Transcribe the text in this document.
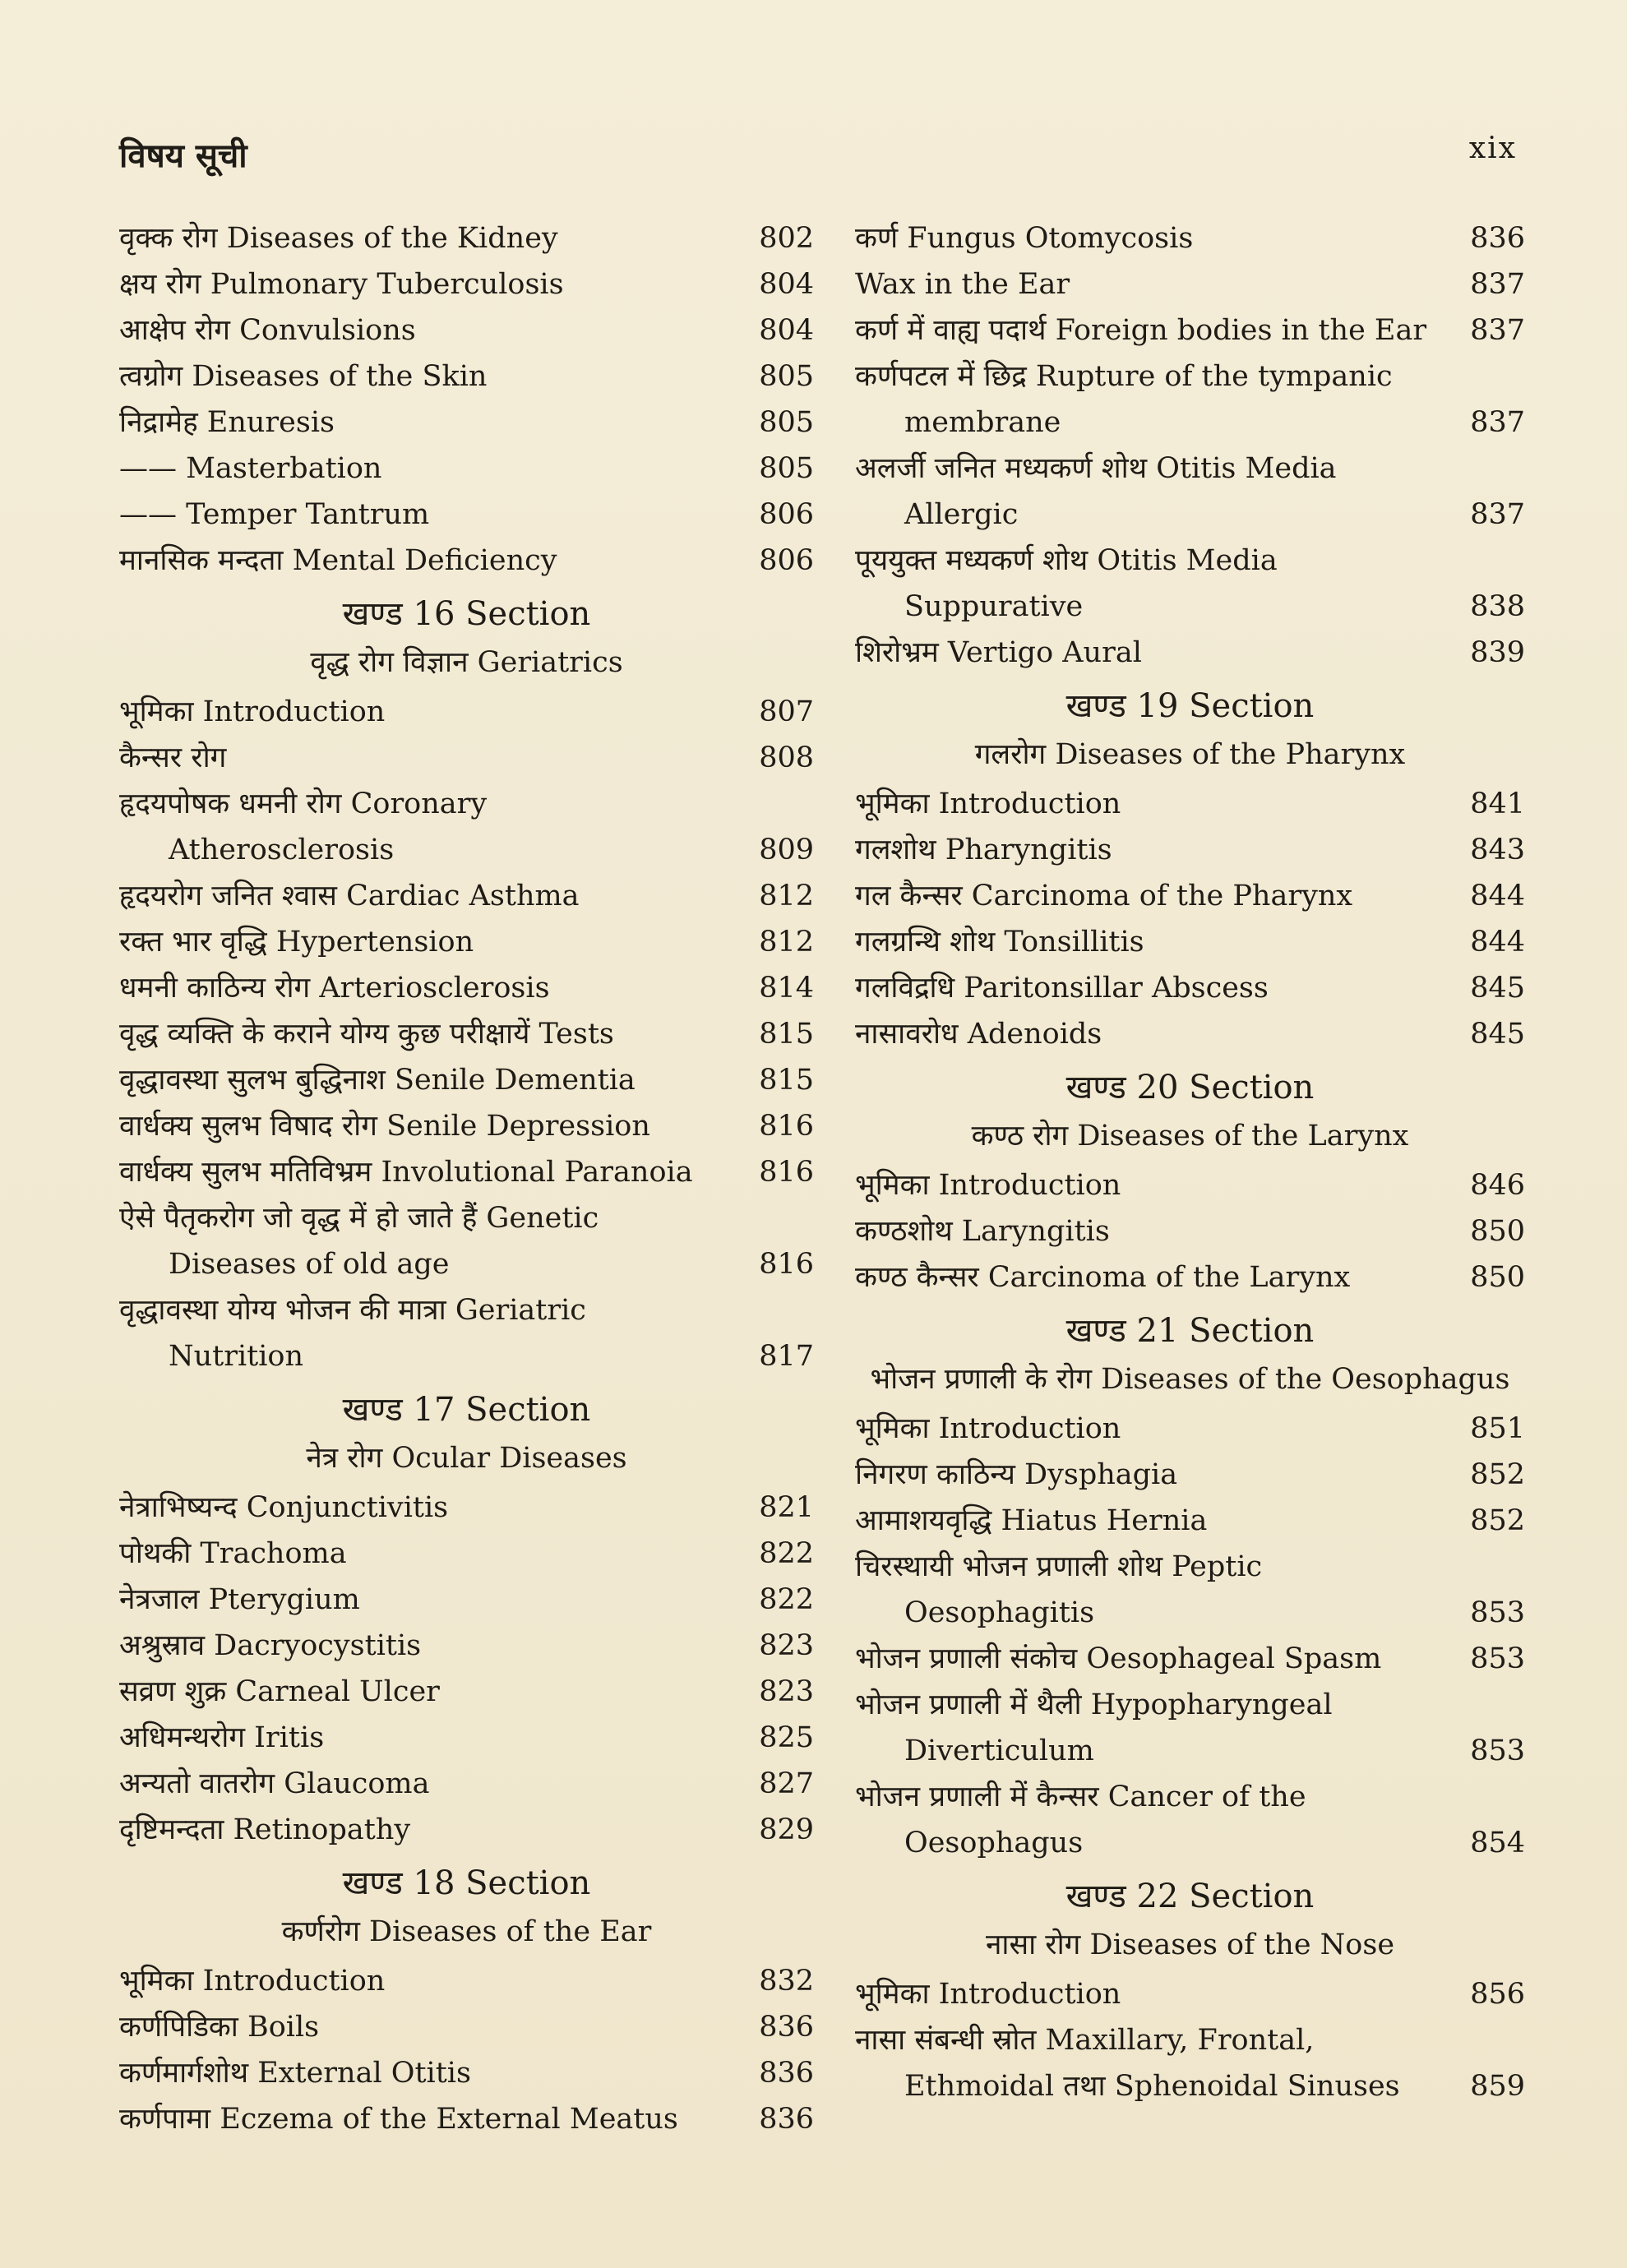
विषय सूची	xix
वृक्क रोग Diseases of the Kidney	802
क्षय रोग Pulmonary Tuberculosis	804
आक्षेप रोग Convulsions	804
त्वग्रोग Diseases of the Skin	805
निद्रामेह Enuresis	805
—— Masterbation	805
—— Temper Tantrum	806
मानसिक मन्दता Mental Deficiency	806
खण्ड 16 Section
वृद्ध रोग विज्ञान Geriatrics
भूमिका Introduction	807
कैन्सर रोग	808
हृदयपोषक धमनी रोग Coronary
Atherosclerosis	809
हृदयरोग जनित श्वास Cardiac Asthma	812
रक्त भार वृद्धि Hypertension	812
धमनी काठिन्य रोग Arteriosclerosis	814
वृद्ध व्यक्ति के कराने योग्य कुछ परीक्षायें Tests	815
वृद्धावस्था सुलभ बुद्धिनाश Senile Dementia	815
वार्धक्य सुलभ विषाद रोग Senile Depression	816
वार्धक्य सुलभ मतिविभ्रम Involutional Paranoia	816
ऐसे पैतृकरोग जो वृद्ध में हो जाते हैं Genetic
Diseases of old age	816
वृद्धावस्था योग्य भोजन की मात्रा Geriatric
Nutrition	817
खण्ड 17 Section
नेत्र रोग Ocular Diseases
नेत्राभिष्यन्द Conjunctivitis	821
पोथकी Trachoma	822
नेत्रजाल Pterygium	822
अश्रुस्राव Dacryocystitis	823
सव्रण शुक्र Carneal Ulcer	823
अधिमन्थरोग Iritis	825
अन्यतो वातरोग Glaucoma	827
दृष्टिमन्दता Retinopathy	829
खण्ड 18 Section
कर्णरोग Diseases of the Ear
भूमिका Introduction	832
कर्णपिडिका Boils	836
कर्णमार्गशोथ External Otitis	836
कर्णपामा Eczema of the External Meatus	836
कर्ण Fungus Otomycosis	836
Wax in the Ear	837
कर्ण में वाह्य पदार्थ Foreign bodies in the Ear	837
कर्णपटल में छिद्र Rupture of the tympanic
membrane	837
अलर्जी जनित मध्यकर्ण शोथ Otitis Media
Allergic	837
पूययुक्त मध्यकर्ण शोथ Otitis Media
Suppurative	838
शिरोभ्रम Vertigo Aural	839
खण्ड 19 Section
गलरोग Diseases of the Pharynx
भूमिका Introduction	841
गलशोथ Pharyngitis	843
गल कैन्सर Carcinoma of the Pharynx	844
गलग्रन्थि शोथ Tonsillitis	844
गलविद्रधि Paritonsillar Abscess	845
नासावरोध Adenoids	845
खण्ड 20 Section
कण्ठ रोग Diseases of the Larynx
भूमिका Introduction	846
कण्ठशोथ Laryngitis	850
कण्ठ कैन्सर Carcinoma of the Larynx	850
खण्ड 21 Section
भोजन प्रणाली के रोग Diseases of the Oesophagus
भूमिका Introduction	851
निगरण काठिन्य Dysphagia	852
आमाशयवृद्धि Hiatus Hernia	852
चिरस्थायी भोजन प्रणाली शोथ Peptic
Oesophagitis	853
भोजन प्रणाली संकोच Oesophageal Spasm	853
भोजन प्रणाली में थैली Hypopharyngeal
Diverticulum	853
भोजन प्रणाली में कैन्सर Cancer of the
Oesophagus	854
खण्ड 22 Section
नासा रोग Diseases of the Nose
भूमिका Introduction	856
नासा संबन्धी स्रोत Maxillary, Frontal,
Ethmoidal तथा Sphenoidal Sinuses	859
